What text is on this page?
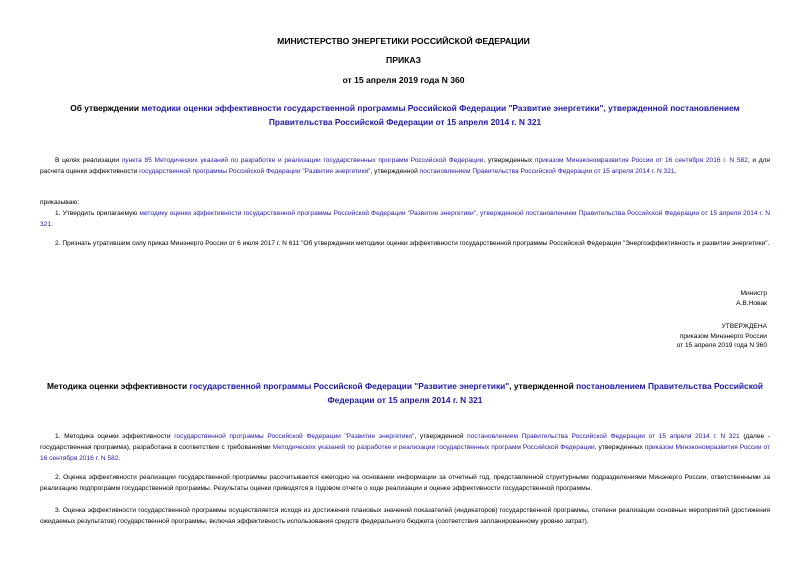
МИНИСТЕРСТВО ЭНЕРГЕТИКИ РОССИЙСКОЙ ФЕДЕРАЦИИ
ПРИКАЗ
от 15 апреля 2019 года N 360
Об утверждении методики оценки эффективности государственной программы Российской Федерации "Развитие энергетики", утвержденной постановлением Правительства Российской Федерации от 15 апреля 2014 г. N 321
В целях реализации пункта 85 Методических указаний по разработке и реализации государственных программ Российской Федерации, утвержденных приказом Минэкономразвития России от 16 сентября 2016 г. N 582, и для расчета оценки эффективности государственной программы Российской Федерации "Развитие энергетики", утвержденной постановлением Правительства Российской Федерации от 15 апреля 2014 г. N 321,
приказываю:
1. Утвердить прилагаемую методику оценки эффективности государственной программы Российской Федерации "Развитие энергетики", утвержденной постановлением Правительства Российской Федерации от 15 апреля 2014 г. N 321.
2. Признать утратившим силу приказ Минэнерго России от 6 июля 2017 г. N 611 "Об утверждении методики оценки эффективности государственной программы Российской Федерации "Энергоэффективность и развитие энергетики".
Министр
А.В.Новак
УТВЕРЖДЕНА
приказом Минэнерго России
от 15 апреля 2019 года N 360
Методика оценки эффективности государственной программы Российской Федерации "Развитие энергетики", утвержденной постановлением Правительства Российской Федерации от 15 апреля 2014 г. N 321
1. Методика оценки эффективности государственной программы Российской Федерации "Развитие энергетики", утвержденной постановлением Правительства Российской Федерации от 15 апреля 2014 г. N 321 (далее - государственная программа), разработана в соответствии с требованиями Методических указаний по разработке и реализации государственных программ Российской Федерации, утвержденных приказом Минэкономразвития России от 16 сентября 2016 г. N 582.
2. Оценка эффективности реализации государственной программы рассчитывается ежегодно на основании информации за отчетный год, представленной структурными подразделениями Минэнерго России, ответственными за реализацию подпрограмм государственной программы. Результаты оценки приводятся в годовом отчете о ходе реализации и оценке эффективности государственной программы.
3. Оценка эффективности государственной программы осуществляется исходя из достижения плановых значений показателей (индикаторов) государственной программы, степени реализации основных мероприятий (достижения ожидаемых результатов) государственной программы, включая эффективность использования средств федерального бюджета (соответствия запланированному уровню затрат).
